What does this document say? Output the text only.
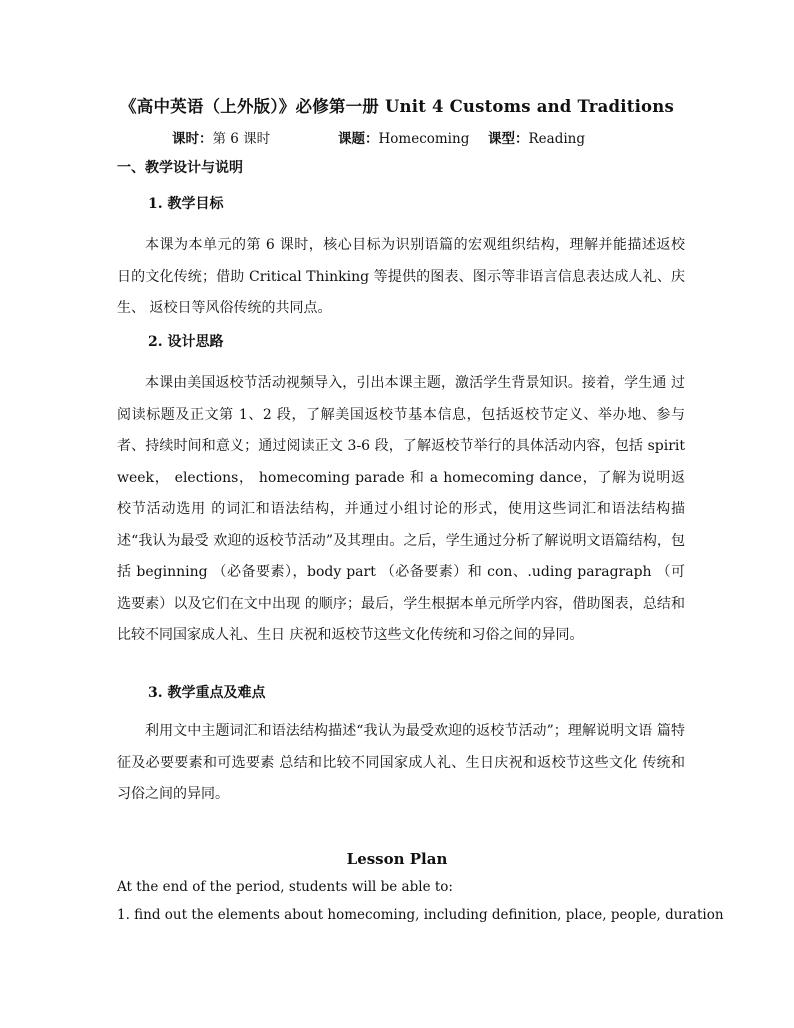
《高中英语（上外版）》必修第一册 Unit 4 Customs and Traditions
课时：第 6 课时	课题：Homecoming 课型：Reading
一、教学设计与说明
1. 教学目标
本课为本单元的第 6 课时，核心目标为识别语篇的宏观组织结构，理解并能描述返校 日的文化传统；借助 Critical Thinking 等提供的图表、图示等非语言信息表达成人礼、庆生、 返校日等风俗传统的共同点。
2. 设计思路
本课由美国返校节活动视频导入，引出本课主题，激活学生背景知识。接着，学生通 过阅读标题及正文第 1、2 段，了解美国返校节基本信息，包括返校节定义、举办地、参与 者、持续时间和意义；通过阅读正文 3-6 段，了解返校节举行的具体活动内容，包括 spirit week， elections， homecoming parade 和 a homecoming dance，了解为说明返校节活动选用 的词汇和语法结构，并通过小组讨论的形式，使用这些词汇和语法结构描述“我认为最受 欢迎的返校节活动”及其理由。之后，学生通过分析了解说明文语篇结构，包括 beginning （必备要素），body part （必备要素）和 con、.uding paragraph （可选要素）以及它们在文中出现 的顺序；最后，学生根据本单元所学内容，借助图表，总结和比较不同国家成人礼、生日 庆祝和返校节这些文化传统和习俗之间的异同。
3. 教学重点及难点
利用文中主题词汇和语法结构描述“我认为最受欢迎的返校节活动”；理解说明文语 篇特征及必要要素和可选要素 总结和比较不同国家成人礼、生日庆祝和返校节这些文化 传统和习俗之间的异同。
Lesson Plan
At the end of the period, students will be able to:
1. find out the elements about homecoming, including definition, place, people, duration
